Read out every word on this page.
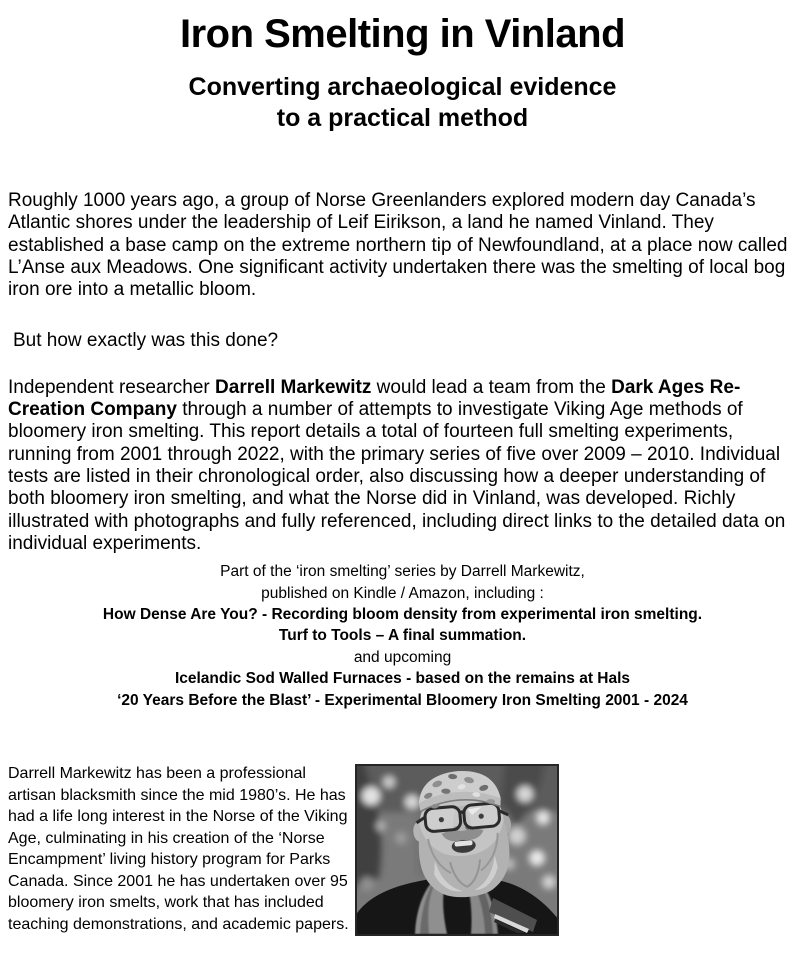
Iron Smelting in Vinland
Converting archaeological evidence
to a practical method

Roughly 1000 years ago, a group of Norse Greenlanders explored modern day Canada’s Atlantic shores under the leadership of Leif Eirikson, a land he named Vinland. They established a base camp on the extreme northern tip of Newfoundland, at a place now called L’Anse aux Meadows. One significant activity undertaken there was the smelting of local bog iron ore into a metallic bloom.

But how exactly was this done?

Independent researcher Darrell Markewitz would lead a team from the Dark Ages Re-Creation Company through a number of attempts to investigate Viking Age methods of bloomery iron smelting. This report details a total of fourteen full smelting experiments, running from 2001 through 2022, with the primary series of five over 2009 – 2010. Individual tests are listed in their chronological order, also discussing how a deeper understanding of both bloomery iron smelting, and what the Norse did in Vinland, was developed. Richly illustrated with photographs and fully referenced, including direct links to the detailed data on individual experiments.

Part of the ‘iron smelting’ series by Darrell Markewitz,
published on Kindle / Amazon, including :
How Dense Are You? - Recording bloom density from experimental iron smelting.
Turf to Tools – A final summation.
and upcoming
Icelandic Sod Walled Furnaces - based on the remains at Hals
‘20 Years Before the Blast’ - Experimental Bloomery Iron Smelting 2001 - 2024

Darrell Markewitz has been a professional artisan blacksmith since the mid 1980’s. He has had a life long interest in the Norse of the Viking Age, culminating in his creation of the ‘Norse Encampment’ living history program for Parks Canada. Since 2001 he has undertaken over 95 bloomery iron smelts, work that has included teaching demonstrations, and academic papers.
